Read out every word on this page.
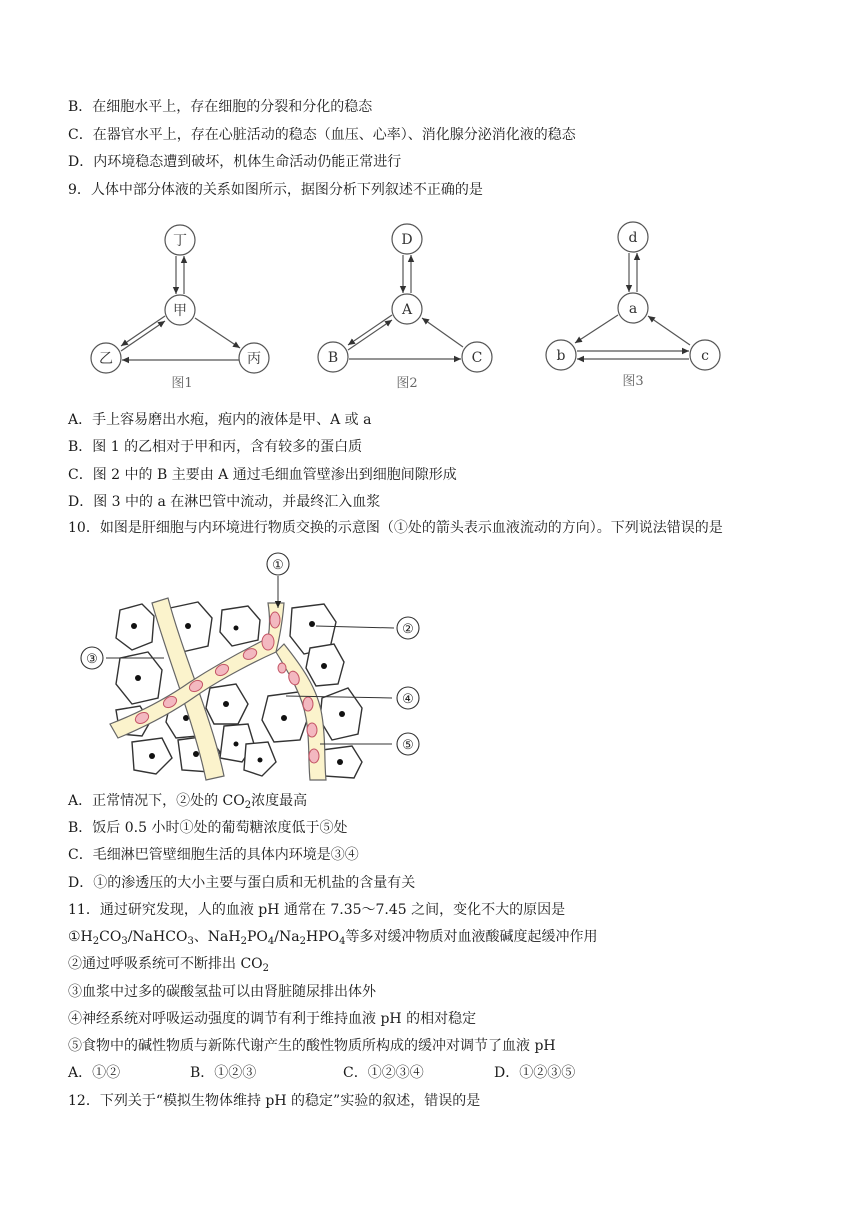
B．在细胞水平上，存在细胞的分裂和分化的稳态
C．在器官水平上，存在心脏活动的稳态（血压、心率）、消化腺分泌消化液的稳态
D．内环境稳态遭到破坏，机体生命活动仍能正常进行
9．人体中部分体液的关系如图所示，据图分析下列叙述不正确的是
丁
甲
乙	丙
图1
D
A
B	C
图2
d
a
b	c
图3
A．手上容易磨出水疱，疱内的液体是甲、A 或 a
B．图 1 的乙相对于甲和丙，含有较多的蛋白质
C．图 2 中的 B 主要由 A 通过毛细血管壁渗出到细胞间隙形成
D．图 3 中的 a 在淋巴管中流动，并最终汇入血浆
10．如图是肝细胞与内环境进行物质交换的示意图（①处的箭头表示血液流动的方向）。下列说法错误的是
①
②
③
④
⑤
A．正常情况下，②处的 $CO_2$浓度最高
B．饭后 0.5 小时①处的葡萄糖浓度低于⑤处
C．毛细淋巴管壁细胞生活的具体内环境是③④
D．①的渗透压的大小主要与蛋白质和无机盐的含量有关
11．通过研究发现，人的血液 pH 通常在 7.35～7.45 之间，变化不大的原因是
$①H_2CO_3/NaHCO_3$、$NaH_2PO_4/Na_2HPO_4$等多对缓冲物质对血液酸碱度起缓冲作用
②通过呼吸系统可不断排出 $CO_2$
③血浆中过多的碳酸氢盐可以由肾脏随尿排出体外
④神经系统对呼吸运动强度的调节有利于维持血液 pH 的相对稳定
⑤食物中的碱性物质与新陈代谢产生的酸性物质所构成的缓冲对调节了血液 pH
A．①②	B．①②③	C．①②③④	D．①②③⑤
12．下列关于“模拟生物体维持 pH 的稳定”实验的叙述，错误的是
